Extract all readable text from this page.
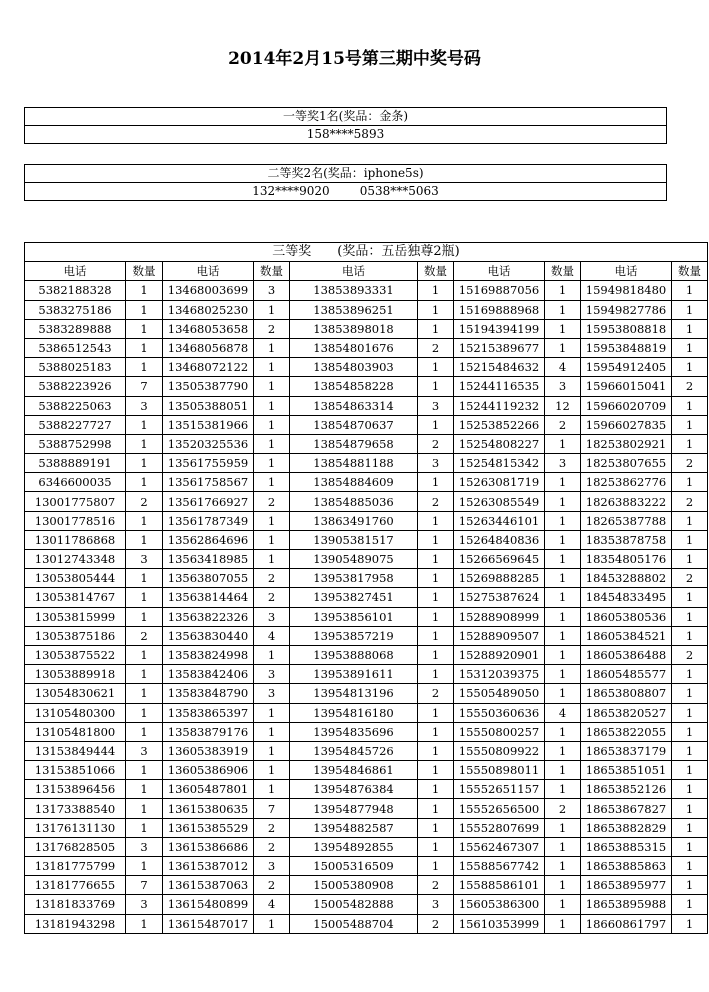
2014年2月15号第三期中奖号码
一等奖1名(奖品：金条)
158****5893
二等奖2名(奖品：iphone5s)
132****9020	0538***5063
三等奖 (奖品：五岳独尊2瓶)									
电话	数量	电话	数量	电话	数量	电话	数量	电话	数量
5382188328	1	13468003699	3	13853893331	1	15169887056	1	15949818480	1
5383275186	1	13468025230	1	13853896251	1	15169888968	1	15949827786	1
5383289888	1	13468053658	2	13853898018	1	15194394199	1	15953808818	1
5386512543	1	13468056878	1	13854801676	2	15215389677	1	15953848819	1
5388025183	1	13468072122	1	13854803903	1	15215484632	4	15954912405	1
5388223926	7	13505387790	1	13854858228	1	15244116535	3	15966015041	2
5388225063	3	13505388051	1	13854863314	3	15244119232	12	15966020709	1
5388227727	1	13515381966	1	13854870637	1	15253852266	2	15966027835	1
5388752998	1	13520325536	1	13854879658	2	15254808227	1	18253802921	1
5388889191	1	13561755959	1	13854881188	3	15254815342	3	18253807655	2
6346600035	1	13561758567	1	13854884609	1	15263081719	1	18253862776	1
13001775807	2	13561766927	2	13854885036	2	15263085549	1	18263883222	2
13001778516	1	13561787349	1	13863491760	1	15263446101	1	18265387788	1
13011786868	1	13562864696	1	13905381517	1	15264840836	1	18353878758	1
13012743348	3	13563418985	1	13905489075	1	15266569645	1	18354805176	1
13053805444	1	13563807055	2	13953817958	1	15269888285	1	18453288802	2
13053814767	1	13563814464	2	13953827451	1	15275387624	1	18454833495	1
13053815999	1	13563822326	3	13953856101	1	15288908999	1	18605380536	1
13053875186	2	13563830440	4	13953857219	1	15288909507	1	18605384521	1
13053875522	1	13583824998	1	13953888068	1	15288920901	1	18605386488	2
13053889918	1	13583842406	3	13953891611	1	15312039375	1	18605485577	1
13054830621	1	13583848790	3	13954813196	2	15505489050	1	18653808807	1
13105480300	1	13583865397	1	13954816180	1	15550360636	4	18653820527	1
13105481800	1	13583879176	1	13954835696	1	15550800257	1	18653822055	1
13153849444	3	13605383919	1	13954845726	1	15550809922	1	18653837179	1
13153851066	1	13605386906	1	13954846861	1	15550898011	1	18653851051	1
13153896456	1	13605487801	1	13954876384	1	15552651157	1	18653852126	1
13173388540	1	13615380635	7	13954877948	1	15552656500	2	18653867827	1
13176131130	1	13615385529	2	13954882587	1	15552807699	1	18653882829	1
13176828505	3	13615386686	2	13954892855	1	15562467307	1	18653885315	1
13181775799	1	13615387012	3	15005316509	1	15588567742	1	18653885863	1
13181776655	7	13615387063	2	15005380908	2	15588586101	1	18653895977	1
13181833769	3	13615480899	4	15005482888	3	15605386300	1	18653895988	1
13181943298	1	13615487017	1	15005488704	2	15610353999	1	18660861797	1
